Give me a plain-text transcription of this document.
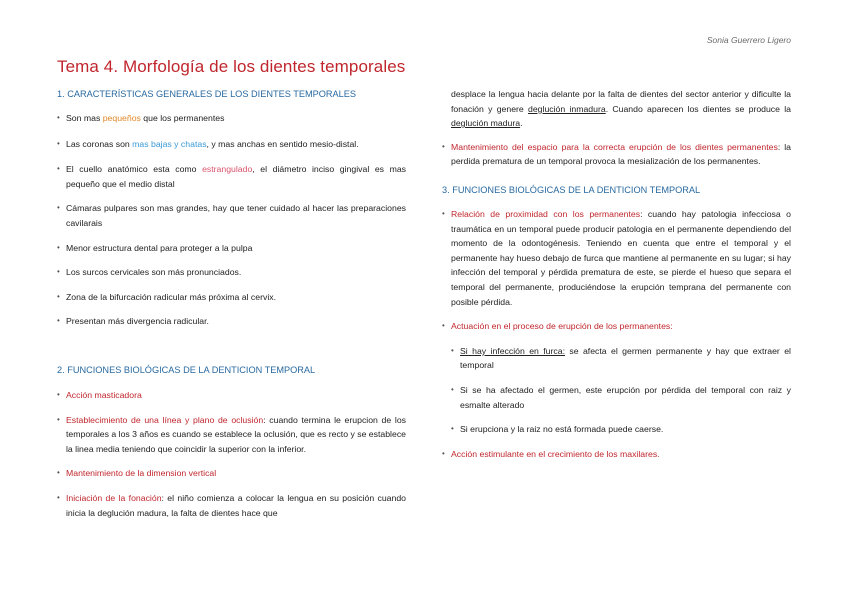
Sonia Guerrero Ligero
Tema 4. Morfología de los dientes temporales
1. CARACTERÍSTICAS GENERALES DE LOS DIENTES TEMPORALES

• Son mas pequeños que los permanentes

• Las coronas son mas bajas y chatas, y mas anchas en sentido mesio-distal.

• El cuello anatómico esta como estrangulado, el diámetro inciso gingival es mas pequeño que el medio distal

• Cámaras pulpares son mas grandes, hay que tener cuidado al hacer las preparaciones cavilarais

• Menor estructura dental para proteger a la pulpa

• Los surcos cervicales son más pronunciados.

• Zona de la bifurcación radicular más próxima al cervix.

• Presentan más divergencia radicular.

2. FUNCIONES BIOLÓGICAS DE LA DENTICION TEMPORAL

• Acción masticadora

• Establecimiento de una línea y plano de oclusión: cuando termina le erupcion de los temporales a los 3 años es cuando se establece la oclusión, que es recto y se establece la linea media teniendo que coincidir la superior con la inferior.

• Mantenimiento de la dimension vertical

• Iniciación de la fonación: el niño comienza a colocar la lengua en su posición cuando inicia la deglución madura, la falta de dientes hace que

desplace la lengua hacia delante por la falta de dientes del sector anterior y dificulte la fonación y genere deglución inmadura. Cuando aparecen los dientes se produce la deglución madura.

• Mantenimiento del espacio para la correcta erupción de los dientes permanentes: la perdida prematura de un temporal provoca la mesialización de los permanentes.

3. FUNCIONES BIOLÓGICAS DE LA DENTICION TEMPORAL

• Relación de proximidad con los permanentes: cuando hay patologia infecciosa o traumática en un temporal puede producir patologia en el permanente dependiendo del momento de la odontogénesis. Teniendo en cuenta que entre el temporal y el permanente hay hueso debajo de furca que mantiene al permanente en su lugar; si hay infección del temporal y pérdida prematura de este, se pierde el hueso que separa el temporal del permanente, produciéndose la erupción temprana del permanente con posible pérdida.

• Actuación en el proceso de erupción de los permanentes:

• Si hay infección en furca: se afecta el germen permanente y hay que extraer el temporal

• Si se ha afectado el germen, este erupción por pérdida del temporal con raiz y esmalte alterado

• Si erupciona y la raiz no está formada puede caerse.

• Acción estimulante en el crecimiento de los maxilares.
